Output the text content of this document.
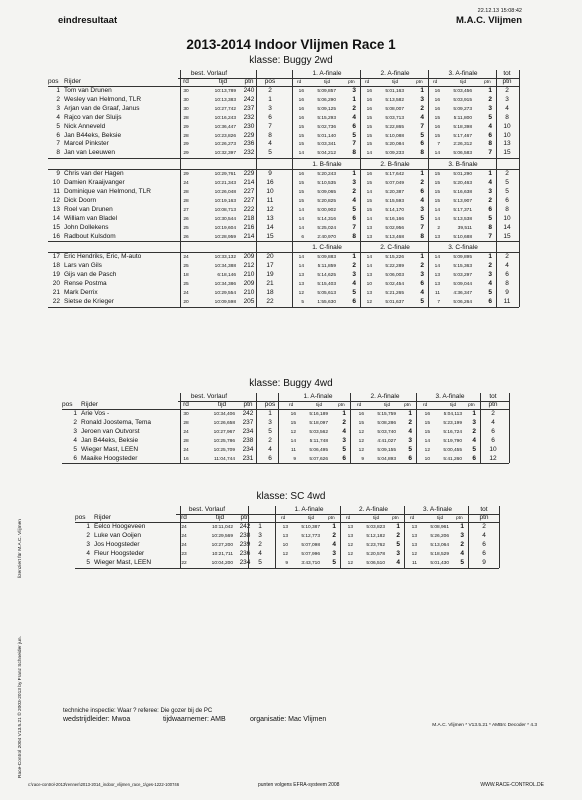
eindresultaat
22.12.13 15:08:42
M.A.C. Vlijmen
2013-2014 Indoor Vlijmen Race 1
klasse: Buggy 2wd
best. Vorlauf	1. A-finale	2. A-finale	3. A-finale	tot
pos Rijder	rd	tijd	ptn	pos	rd	tijd	ptn rd	tijd	ptn rd	tijd	ptn	ptn
1 Tom van Drunen	30	10:13,789	240	2	16	5:09,857	3	16	5:01,163	1	16	5:03,456	1	2
2 Wesley van Helmond, TLR	30	10:13,383	242	1	16	5:06,290	1	16	5:13,582	3	16	5:03,915	2	3
3 Arjan van de Graaf, Janus	30	10:27,742	237	3	16	5:09,125	2	16	5:08,007	2	16	5:09,273	3	4
4 Rajco van der Sluijs	28	10:16,243	232	6	16	5:15,293	4	15	5:03,713	4	15	5:11,800	5	8
5 Nick Anneveld	29	10:36,447	230	7	15	5:02,736	6	15	5:22,865	7	16	5:18,398	4	10
6 Jan B44eks, Beksie	28	10:23,826	229	8	15	5:01,140	5	15	5:10,088	5	15	5:17,467	6	10
7 Marcel Pinkster	29	10:26,273	236	4	15	5:03,341	7	15	5:20,084	6	7	2:26,312	8	13
8 Jan van Leeuwen	29	10:32,397	232	5	14	5:04,212	8	14	5:09,233	8	14	5:06,583	7	15
1. B-finale	2. B-finale	3. B-finale
9 Chris van der Hagen	29	10:29,761	229	9	16	5:20,243	1	16	5:17,642	1	15	5:01,290	1	2
10 Damien Kraaijvanger	24	10:21,343	214	16	15	5:10,535	3	15	5:07,049	2	15	5:20,463	4	5
11 Dominique van Helmond, TLR	28	10:26,048	227	10	15	5:09,065	2	14	5:20,387	6	15	5:16,638	3	5
12 Dick Doorn	28	10:19,163	227	11	15	5:20,825	4	15	5:15,593	4	15	5:13,907	2	6
13 Roel van Drunen	27	10:08,713	222	12	14	5:00,902	5	15	5:14,170	3	14	5:17,371	6	8
14 William van Bladel	26	10:30,544	218	13	14	5:14,316	6	14	5:16,166	5	14	5:13,538	5	10
15 John Dollekens	25	10:19,604	216	14	14	5:25,024	7	13	5:02,956	7	2	39,511	8	14
16 Radbout Kulsdom	26	10:28,959	214	15	6	2:40,970	8	13	5:13,468	8	13	5:10,688	7	15
1. C-finale	2. C-finale	3. C-finale
17 Eric Hendriks, Eric, M-auto	24	10:33,132	209	20	14	5:09,883	1	14	5:15,226	1	14	5:09,895	1	2
18 Lars van Gils	25	10:34,388	212	17	14	5:11,859	2	14	5:22,289	2	14	5:15,363	2	4
19 Gijs van de Pasch	18	6:18,146	210	19	13	5:14,625	3	13	5:06,003	3	13	5:03,297	3	6
20 Rense Postma	25	10:34,386	209	21	13	5:15,403	4	10	5:02,454	6	13	5:09,044	4	8
21 Mark Derrix	24	10:29,554	210	18	12	5:05,613	5	13	5:21,265	4	11	4:36,347	5	9
22 Sietse de Krieger	20	10:09,598	205	22	5	1:55,630	6	12	5:01,637	5	7	5:06,264	6	11
klasse: Buggy 4wd
best. Vorlauf	1. A-finale	2. A-finale	3. A-finale	tot
pos Rijder	rd	tijd	ptn	pos	rd	tijd	ptn	rd	tijd	ptn	rd	tijd ptn	ptn
1 Arie Vos -	30	10:34,406	242	1	16	5:16,189	1	16	5:15,759	1	16	5:04,113	1	2
2 Ronald Joostema, Tema	28	10:26,658	237	3	15	5:18,097	2	15	5:08,286	2	15	5:23,199	3	4
3 Jeroen van Outvorst	24	10:27,967	234	5	12	5:03,562	4	12	5:03,740	4	15	5:16,724	2	6
4 Jan B44eks, Beksie	28	10:25,786	238	2	14	5:11,748	3	12	4:41,027	3	14	5:19,790	4	6
5 Wieger Mast, LEEN	24	10:25,709	234	4	11	5:06,495	5	12	5:09,155	5	12	5:00,455	5	10
6 Maaike Hoogsteder	16	11:04,744	231	6	9	5:07,626	6	9	5:04,893	6	10	5:41,260	6	12
klasse: SC 4wd
best. Vorlauf	1. A-finale	2. A-finale	3. A-finale	tot
pos Rijder	rd	tijd	ptn	rd	tijd	ptn rd	tijd	ptn rd	tijd	ptn	ptn
1 Eelco Hoogeveen	24	10:11,042	242	1	13	5:10,387	1	13	5:03,823	1	13	5:08,961	1	2
2 Luke van Ooijen	24	10:29,569	238	3	13	5:12,773	2	13	5:12,182	2	13	5:26,206	3	4
3 Jos Hoogsteder	24	10:27,200	239	2	10	5:07,098	4	12	5:23,762	5	13	5:13,064	2	6
4 Fleur Hoogsteder	23	10:21,711	236	4	12	5:07,996	3	12	5:20,578	3	12	5:18,529	4	6
5 Wieger Mast, LEEN	22	10:04,200	234	5	9	3:43,710	5	12	5:06,510	4	11	5:01,430	5	9
techniche inspectie: Waar ? referee: Die gozer bij de PC
wedstrijdleider: Mwoa	tijdwaarnemer: AMB	organisatie: Mac Vlijmen
M.A.C. Vlijmen * V13.5.21 * AMBrc Decoder * 4.3
c:\race-control-2013\rennen\2013-2014_indoor_vlijmen_race_1\ges-1222-100746	punten volgens EFRA-systeem 2008	WWW.RACE-CONTROL.DE
lizenziert für M.A.C. Vlijmen
Race-Control 2004 V13.5.21 © 2003-2013 by Franz Schneider jun.
